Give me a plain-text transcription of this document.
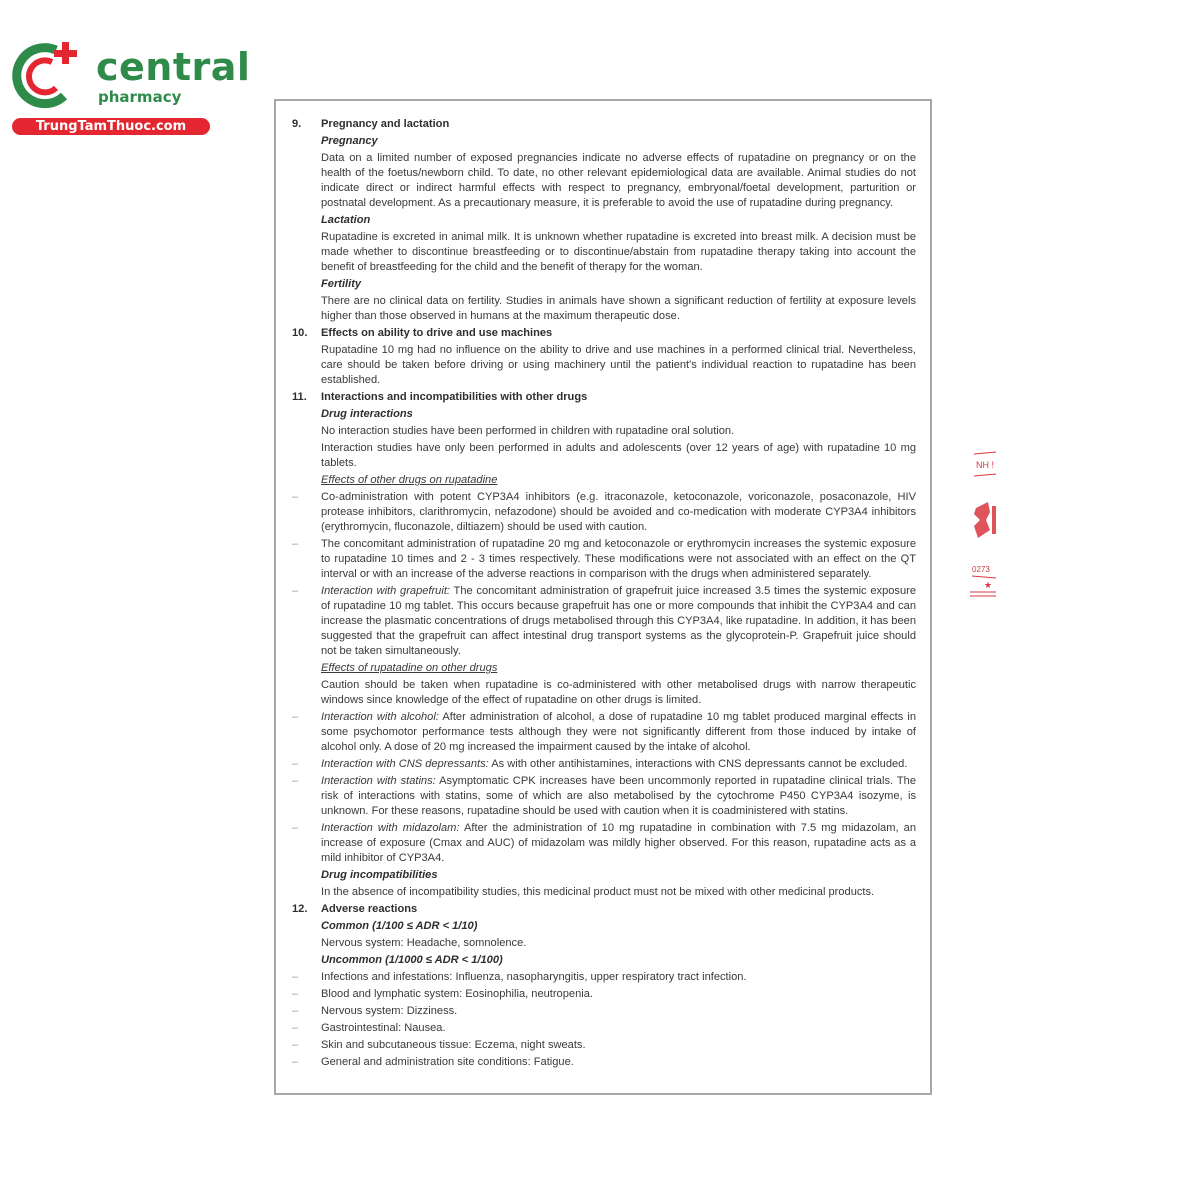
central
pharmacy
TrungTamThuoc.com	9.	Pregnancy and lactation
Pregnancy
Data on a limited number of exposed pregnancies indicate no adverse effects of rupatadine on pregnancy or on the health of the foetus/newborn child. To date, no other relevant epidemiological data are available. Animal studies do not indicate direct or indirect harmful effects with respect to pregnancy, embryonal/foetal development, parturition or postnatal development. As a precautionary measure, it is preferable to avoid the use of rupatadine during pregnancy.
Lactation
Rupatadine is excreted in animal milk. It is unknown whether rupatadine is excreted into breast milk. A decision must be made whether to discontinue breastfeeding or to discontinue/abstain from rupatadine therapy taking into account the benefit of breastfeeding for the child and the benefit of therapy for the woman.
Fertility
There are no clinical data on fertility. Studies in animals have shown a significant reduction of fertility at exposure levels higher than those observed in humans at the maximum therapeutic dose.
10.	Effects on ability to drive and use machines
Rupatadine 10 mg had no influence on the ability to drive and use machines in a performed clinical trial. Nevertheless, care should be taken before driving or using machinery until the patient's individual reaction to rupatadine has been established.
11.	Interactions and incompatibilities with other drugs
Drug interactions
No interaction studies have been performed in children with rupatadine oral solution.
Interaction studies have only been performed in adults and adolescents (over 12 years of age) with rupatadine 10 mg tablets.
Effects of other drugs on rupatadine
–	Co-administration with potent CYP3A4 inhibitors (e.g. itraconazole, ketoconazole, voriconazole, posaconazole, HIV protease inhibitors, clarithromycin, nefazodone) should be avoided and co-medication with moderate CYP3A4 inhibitors (erythromycin, fluconazole, diltiazem) should be used with caution.
–	The concomitant administration of rupatadine 20 mg and ketoconazole or erythromycin increases the systemic exposure to rupatadine 10 times and 2 - 3 times respectively. These modifications were not associated with an effect on the QT interval or with an increase of the adverse reactions in comparison with the drugs when administered separately.
–	Interaction with grapefruit: The concomitant administration of grapefruit juice increased 3.5 times the systemic exposure of rupatadine 10 mg tablet. This occurs because grapefruit has one or more compounds that inhibit the CYP3A4 and can increase the plasmatic concentrations of drugs metabolised through this CYP3A4, like rupatadine. In addition, it has been suggested that the grapefruit can affect intestinal drug transport systems as the glycoprotein-P. Grapefruit juice should not be taken simultaneously.
Effects of rupatadine on other drugs
Caution should be taken when rupatadine is co-administered with other metabolised drugs with narrow therapeutic windows since knowledge of the effect of rupatadine on other drugs is limited.
–	Interaction with alcohol: After administration of alcohol, a dose of rupatadine 10 mg tablet produced marginal effects in some psychomotor performance tests although they were not significantly different from those induced by intake of alcohol only. A dose of 20 mg increased the impairment caused by the intake of alcohol.
–	Interaction with CNS depressants: As with other antihistamines, interactions with CNS depressants cannot be excluded.
–	Interaction with statins: Asymptomatic CPK increases have been uncommonly reported in rupatadine clinical trials. The risk of interactions with statins, some of which are also metabolised by the cytochrome P450 CYP3A4 isozyme, is unknown. For these reasons, rupatadine should be used with caution when it is coadministered with statins.
–	Interaction with midazolam: After the administration of 10 mg rupatadine in combination with 7.5 mg midazolam, an increase of exposure (Cmax and AUC) of midazolam was mildly higher observed. For this reason, rupatadine acts as a mild inhibitor of CYP3A4.
Drug incompatibilities
In the absence of incompatibility studies, this medicinal product must not be mixed with other medicinal products.
12.	Adverse reactions
Common (1/100 ≤ ADR < 1/10)
Nervous system: Headache, somnolence.
Uncommon (1/1000 ≤ ADR < 1/100)
–	Infections and infestations: Influenza, nasopharyngitis, upper respiratory tract infection.
–	Blood and lymphatic system: Eosinophilia, neutropenia.
–	Nervous system: Dizziness.
–	Gastrointestinal: Nausea.
–	Skin and subcutaneous tissue: Eczema, night sweats.
–	General and administration site conditions: Fatigue.
NH !
0273
★
